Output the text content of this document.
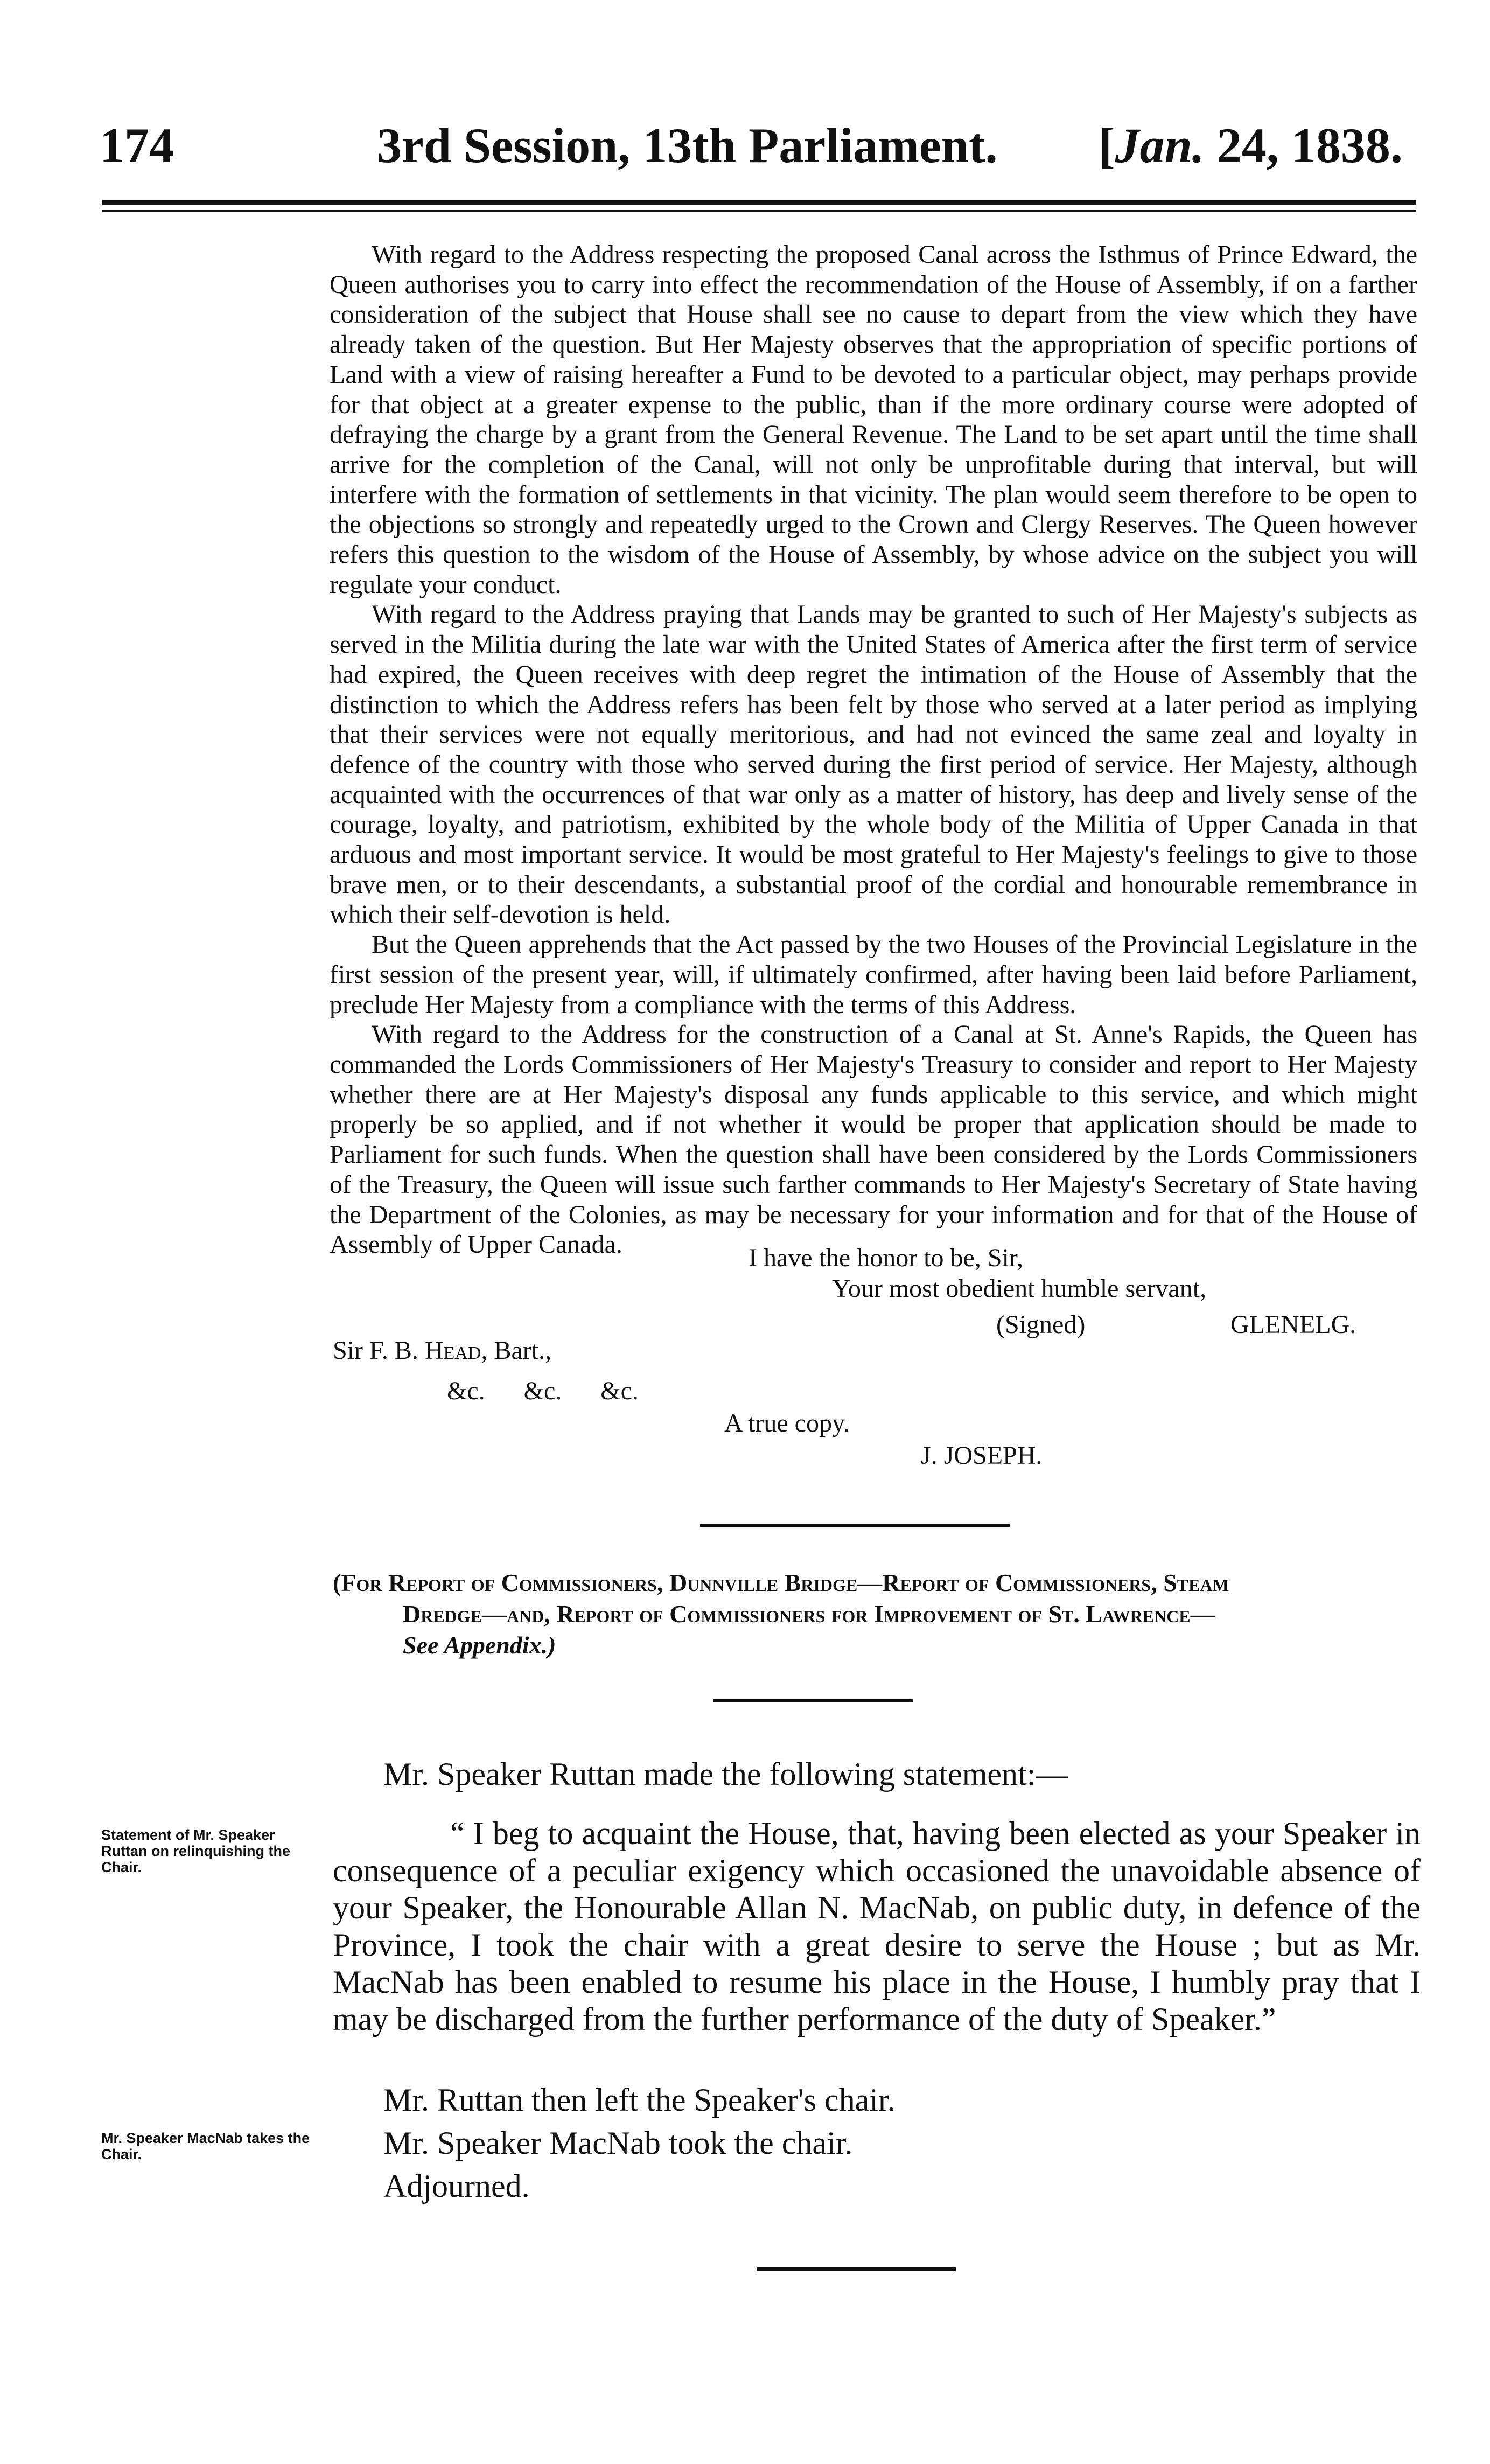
174	3rd Session, 13th Parliament. [Jan. 24, 1838.

With regard to the Address respecting the proposed Canal across the Isthmus of Prince Edward, the Queen authorises you to carry into effect the recommendation of the House of Assembly, if on a farther consideration of the subject that House shall see no cause to depart from the view which they have already taken of the question. But Her Majesty observes that the appropriation of specific portions of Land with a view of raising hereafter a Fund to be devoted to a particular object, may perhaps provide for that object at a greater expense to the public, than if the more ordinary course were adopted of defraying the charge by a grant from the General Revenue. The Land to be set apart until the time shall arrive for the completion of the Canal, will not only be unprofitable during that interval, but will interfere with the formation of settlements in that vicinity. The plan would seem therefore to be open to the objections so strongly and repeatedly urged to the Crown and Clergy Reserves. The Queen however refers this question to the wisdom of the House of Assembly, by whose advice on the subject you will regulate your conduct.

With regard to the Address praying that Lands may be granted to such of Her Majesty's subjects as served in the Militia during the late war with the United States of America after the first term of service had expired, the Queen receives with deep regret the intimation of the House of Assembly that the distinction to which the Address refers has been felt by those who served at a later period as implying that their services were not equally meritorious, and had not evinced the same zeal and loyalty in defence of the country with those who served during the first period of service. Her Majesty, although acquainted with the occurrences of that war only as a matter of history, has deep and lively sense of the courage, loyalty, and patriotism, exhibited by the whole body of the Militia of Upper Canada in that arduous and most important service. It would be most grateful to Her Majesty's feelings to give to those brave men, or to their descendants, a substantial proof of the cordial and honourable remembrance in which their self-devotion is held.

But the Queen apprehends that the Act passed by the two Houses of the Provincial Legislature in the first session of the present year, will, if ultimately confirmed, after having been laid before Parliament, preclude Her Majesty from a compliance with the terms of this Address.

With regard to the Address for the construction of a Canal at St. Anne's Rapids, the Queen has commanded the Lords Commissioners of Her Majesty's Treasury to consider and report to Her Majesty whether there are at Her Majesty's disposal any funds applicable to this service, and which might properly be so applied, and if not whether it would be proper that application should be made to Parliament for such funds. When the question shall have been considered by the Lords Commissioners of the Treasury, the Queen will issue such farther commands to Her Majesty's Secretary of State having the Department of the Colonies, as may be necessary for your information and for that of the House of Assembly of Upper Canada.	I have the honor to be, Sir,
Your most obedient humble servant,
(Signed)	GLENELG.
Sir F. B. Head, Bart.,
&c.      &c.      &c.
A true copy.
J. JOSEPH.
(For Report of Commissioners, Dunnville Bridge—Report of Commissioners, Steam
Dredge—and, Report of Commissioners for Improvement of St. Lawrence—
See Appendix.)
Mr. Speaker Ruttan made the following statement:—
Statement of Mr. Speaker Ruttan on relinquishing the Chair.

“ I beg to acquaint the House, that, having been elected as your Speaker in consequence of a peculiar exigency which occasioned the unavoidable absence of your Speaker, the Honourable Allan N. MacNab, on public duty, in defence of the Province, I took the chair with a great desire to serve the House ; but as Mr. MacNab has been enabled to resume his place in the House, I humbly pray that I may be discharged from the further performance of the duty of Speaker.”

Mr. Ruttan then left the Speaker's chair.
Mr. Speaker MacNab takes the Chair.	Mr. Speaker MacNab took the chair.
Adjourned.
